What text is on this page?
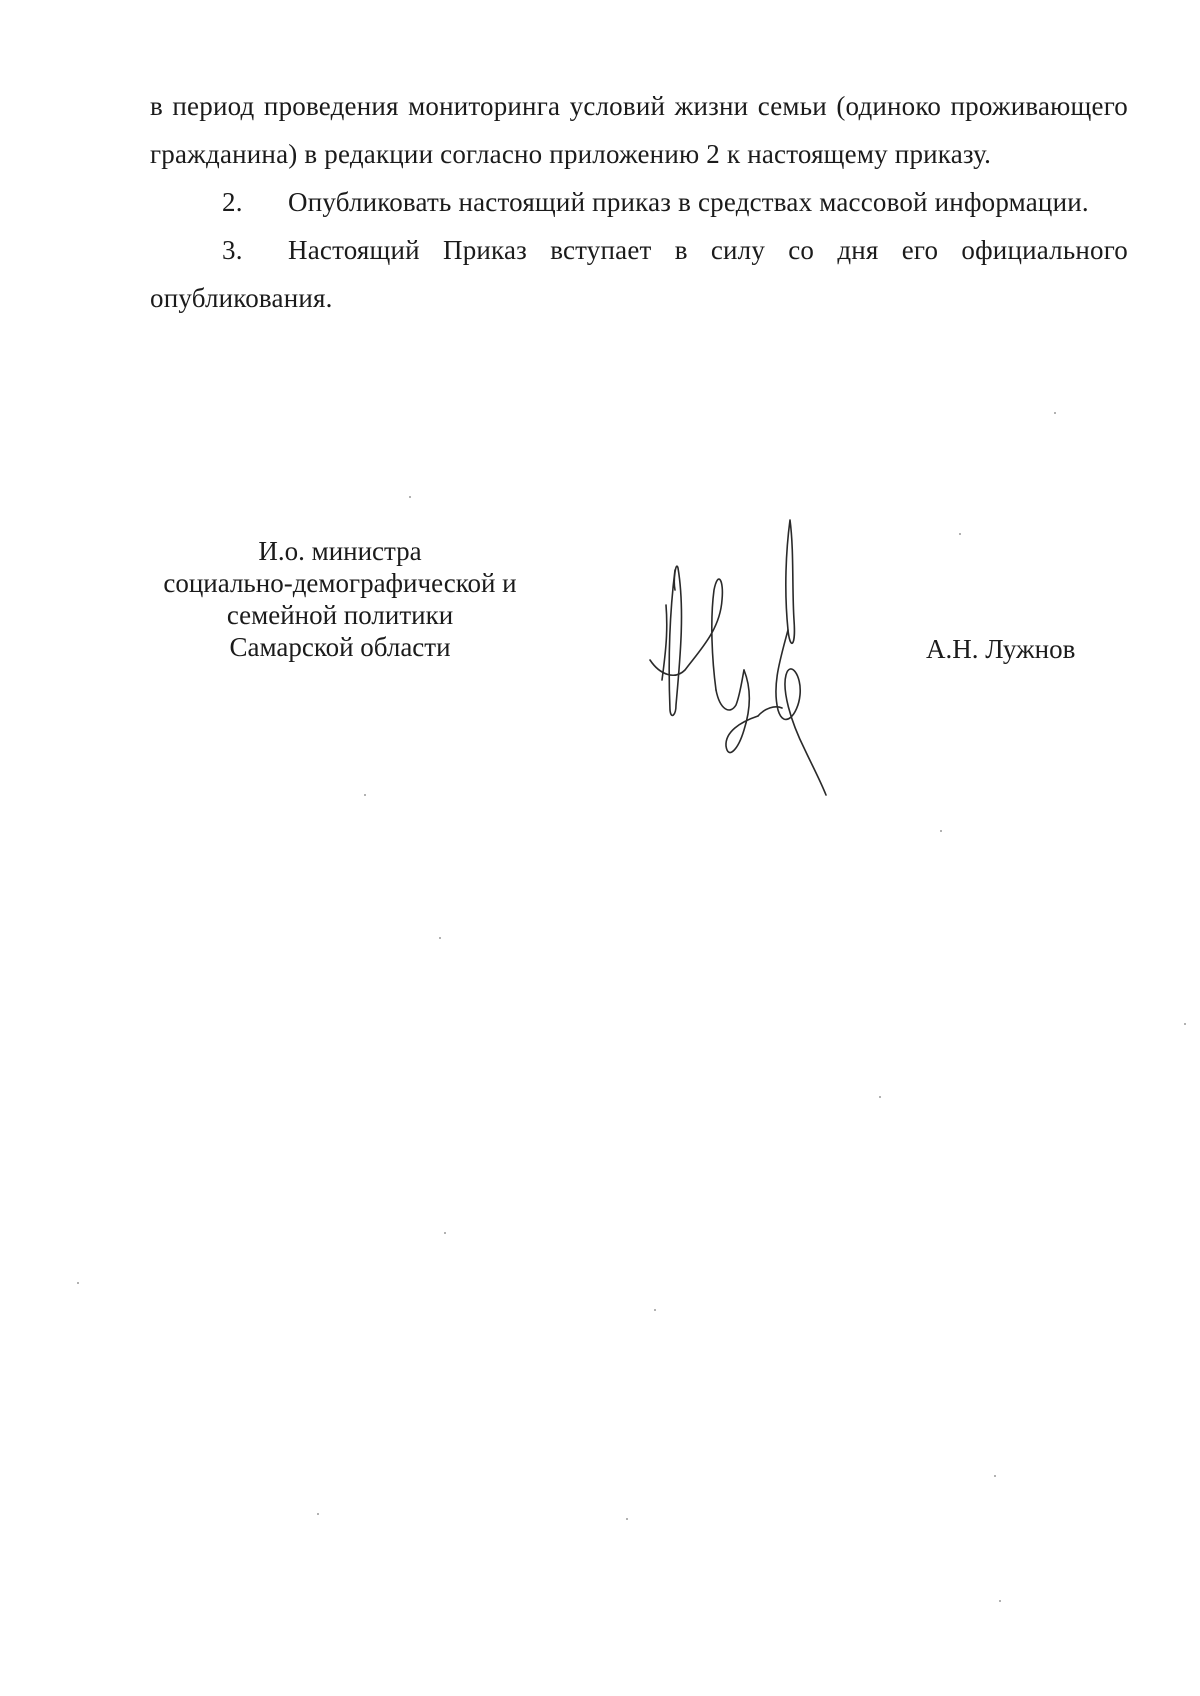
в период проведения мониторинга условий жизни семьи (одиноко проживающего гражданина) в редакции согласно приложению 2 к настоящему приказу.

2. Опубликовать настоящий приказ в средствах массовой информации.

3. Настоящий Приказ вступает в силу со дня его официального опубликования.

И.о. министра
социально-демографической и
семейной политики
Самарской области	А.Н. Лужнов
